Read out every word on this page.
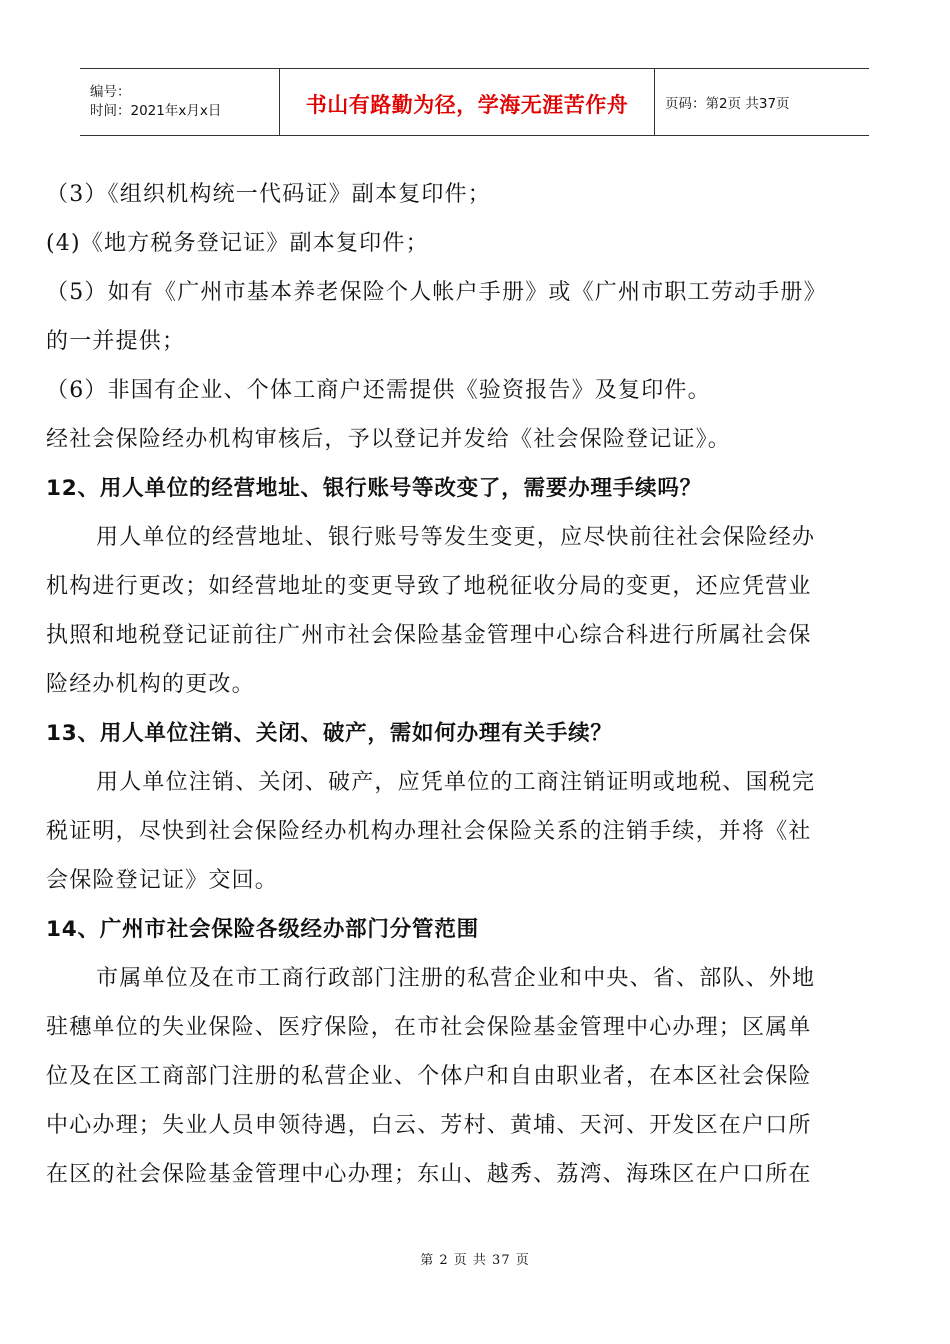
编号：
时间：2021年x月x日	书山有路勤为径，学海无涯苦作舟	页码：第2页 共37页
（3）《组织机构统一代码证》副本复印件；
(4)《地方税务登记证》副本复印件；
（5）如有《广州市基本养老保险个人帐户手册》或《广州市职工劳动手册》
的一并提供；
（6）非国有企业、个体工商户还需提供《验资报告》及复印件。
经社会保险经办机构审核后，予以登记并发给《社会保险登记证》。
12、用人单位的经营地址、银行账号等改变了，需要办理手续吗？
用人单位的经营地址、银行账号等发生变更，应尽快前往社会保险经办
机构进行更改；如经营地址的变更导致了地税征收分局的变更，还应凭营业
执照和地税登记证前往广州市社会保险基金管理中心综合科进行所属社会保
险经办机构的更改。
13、用人单位注销、关闭、破产，需如何办理有关手续？
用人单位注销、关闭、破产，应凭单位的工商注销证明或地税、国税完
税证明，尽快到社会保险经办机构办理社会保险关系的注销手续，并将《社
会保险登记证》交回。
14、广州市社会保险各级经办部门分管范围
市属单位及在市工商行政部门注册的私营企业和中央、省、部队、外地
驻穗单位的失业保险、医疗保险，在市社会保险基金管理中心办理；区属单
位及在区工商部门注册的私营企业、个体户和自由职业者，在本区社会保险
中心办理；失业人员申领待遇，白云、芳村、黄埔、天河、开发区在户口所
在区的社会保险基金管理中心办理；东山、越秀、荔湾、海珠区在户口所在
第 2 页 共 37 页
